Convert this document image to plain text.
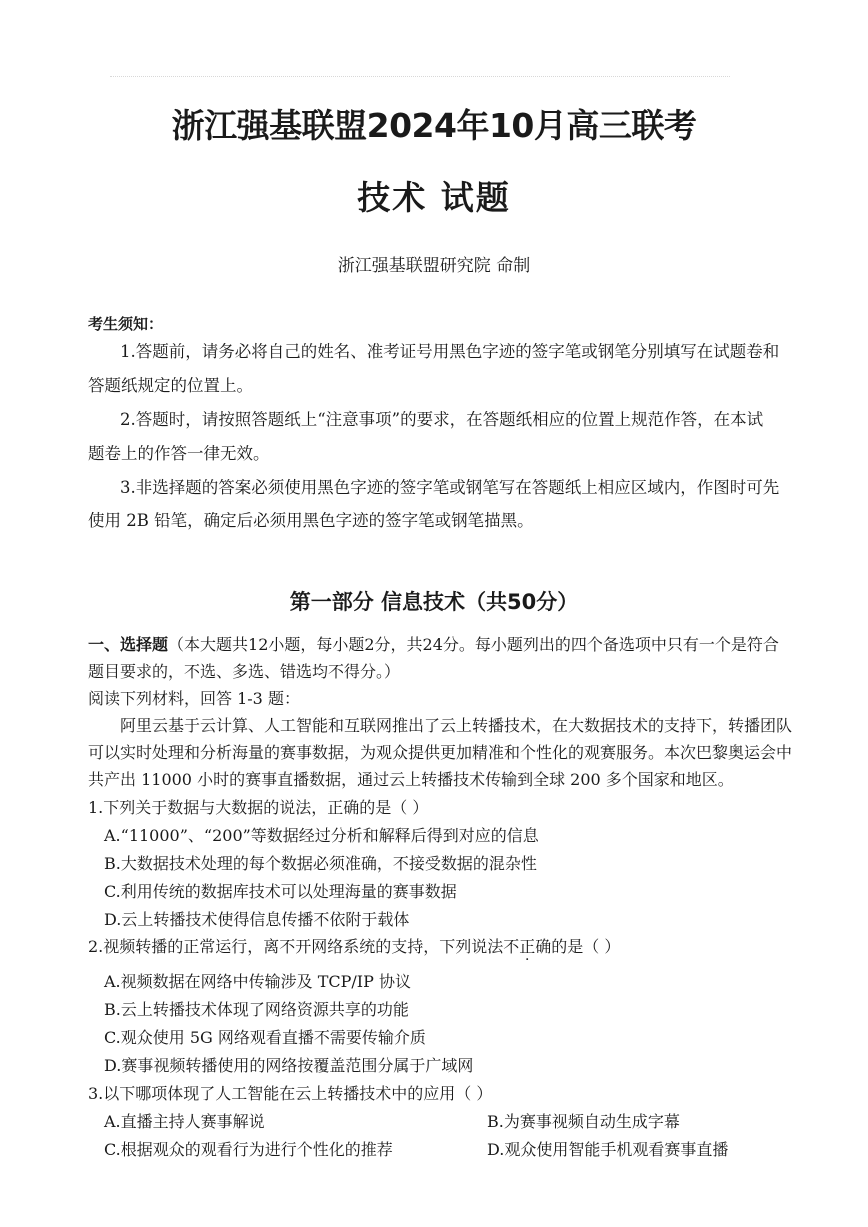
浙江强基联盟2024年10月高三联考
技术 试题
浙江强基联盟研究院 命制
考生须知：
1.答题前，请务必将自己的姓名、准考证号用黑色字迹的签字笔或钢笔分别填写在试题卷和
答题纸规定的位置上。
2.答题时，请按照答题纸上“注意事项”的要求，在答题纸相应的位置上规范作答，在本试
题卷上的作答一律无效。
3.非选择题的答案必须使用黑色字迹的签字笔或钢笔写在答题纸上相应区域内，作图时可先
使用 2B 铅笔，确定后必须用黑色字迹的签字笔或钢笔描黑。
第一部分 信息技术（共50分）
一、选择题（本大题共12小题，每小题2分，共24分。每小题列出的四个备选项中只有一个是符合
题目要求的，不选、多选、错选均不得分。）
阅读下列材料，回答 1-3 题：
阿里云基于云计算、人工智能和互联网推出了云上转播技术，在大数据技术的支持下，转播团队
可以实时处理和分析海量的赛事数据，为观众提供更加精准和个性化的观赛服务。本次巴黎奥运会中
共产出 11000 小时的赛事直播数据，通过云上转播技术传输到全球 200 多个国家和地区。
1.下列关于数据与大数据的说法，正确的是（ ）
A.“11000”、“200”等数据经过分析和解释后得到对应的信息
B.大数据技术处理的每个数据必须准确，不接受数据的混杂性
C.利用传统的数据库技术可以处理海量的赛事数据
D.云上转播技术使得信息传播不依附于载体
2.视频转播的正常运行，离不开网络系统的支持，下列说法不正确的是（ ）
A.视频数据在网络中传输涉及 TCP/IP 协议
B.云上转播技术体现了网络资源共享的功能
C.观众使用 5G 网络观看直播不需要传输介质
D.赛事视频转播使用的网络按覆盖范围分属于广域网
3.以下哪项体现了人工智能在云上转播技术中的应用（ ）
A.直播主持人赛事解说	B.为赛事视频自动生成字幕
C.根据观众的观看行为进行个性化的推荐	D.观众使用智能手机观看赛事直播
